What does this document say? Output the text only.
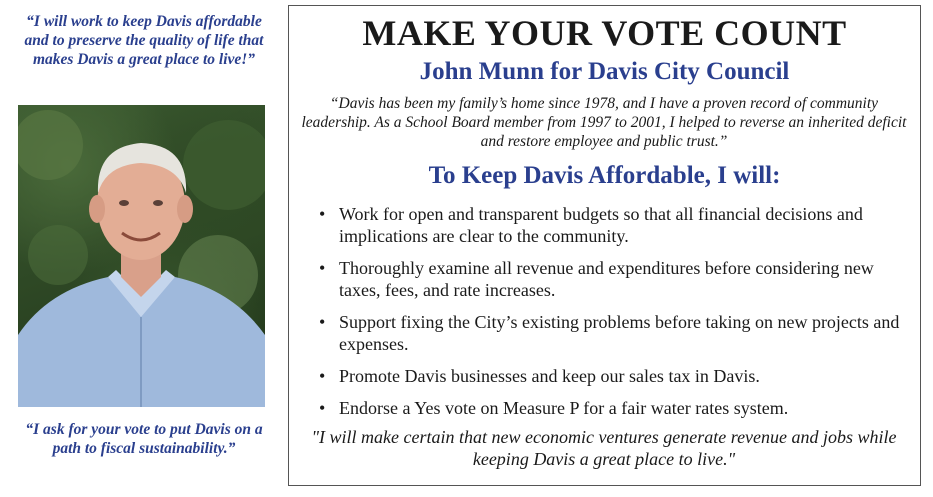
“I will work to keep Davis affordable and to preserve the quality of life that makes Davis a great place to live!”
“I ask for your vote to put Davis on a path to fiscal sustainability.”
MAKE YOUR VOTE COUNT
John Munn for Davis City Council
“Davis has been my family’s home since 1978, and I have a proven record of community leadership. As a School Board member from 1997 to 2001, I helped to reverse an inherited deficit and restore employee and public trust.”
To Keep Davis Affordable, I will:
• Work for open and transparent budgets so that all financial decisions and implications are clear to the community.
• Thoroughly examine all revenue and expenditures before considering new taxes, fees, and rate increases.
• Support fixing the City’s existing problems before taking on new projects and expenses.
• Promote Davis businesses and keep our sales tax in Davis.
• Endorse a Yes vote on Measure P for a fair water rates system.
"I will make certain that new economic ventures generate revenue and jobs while keeping Davis a great place to live."
